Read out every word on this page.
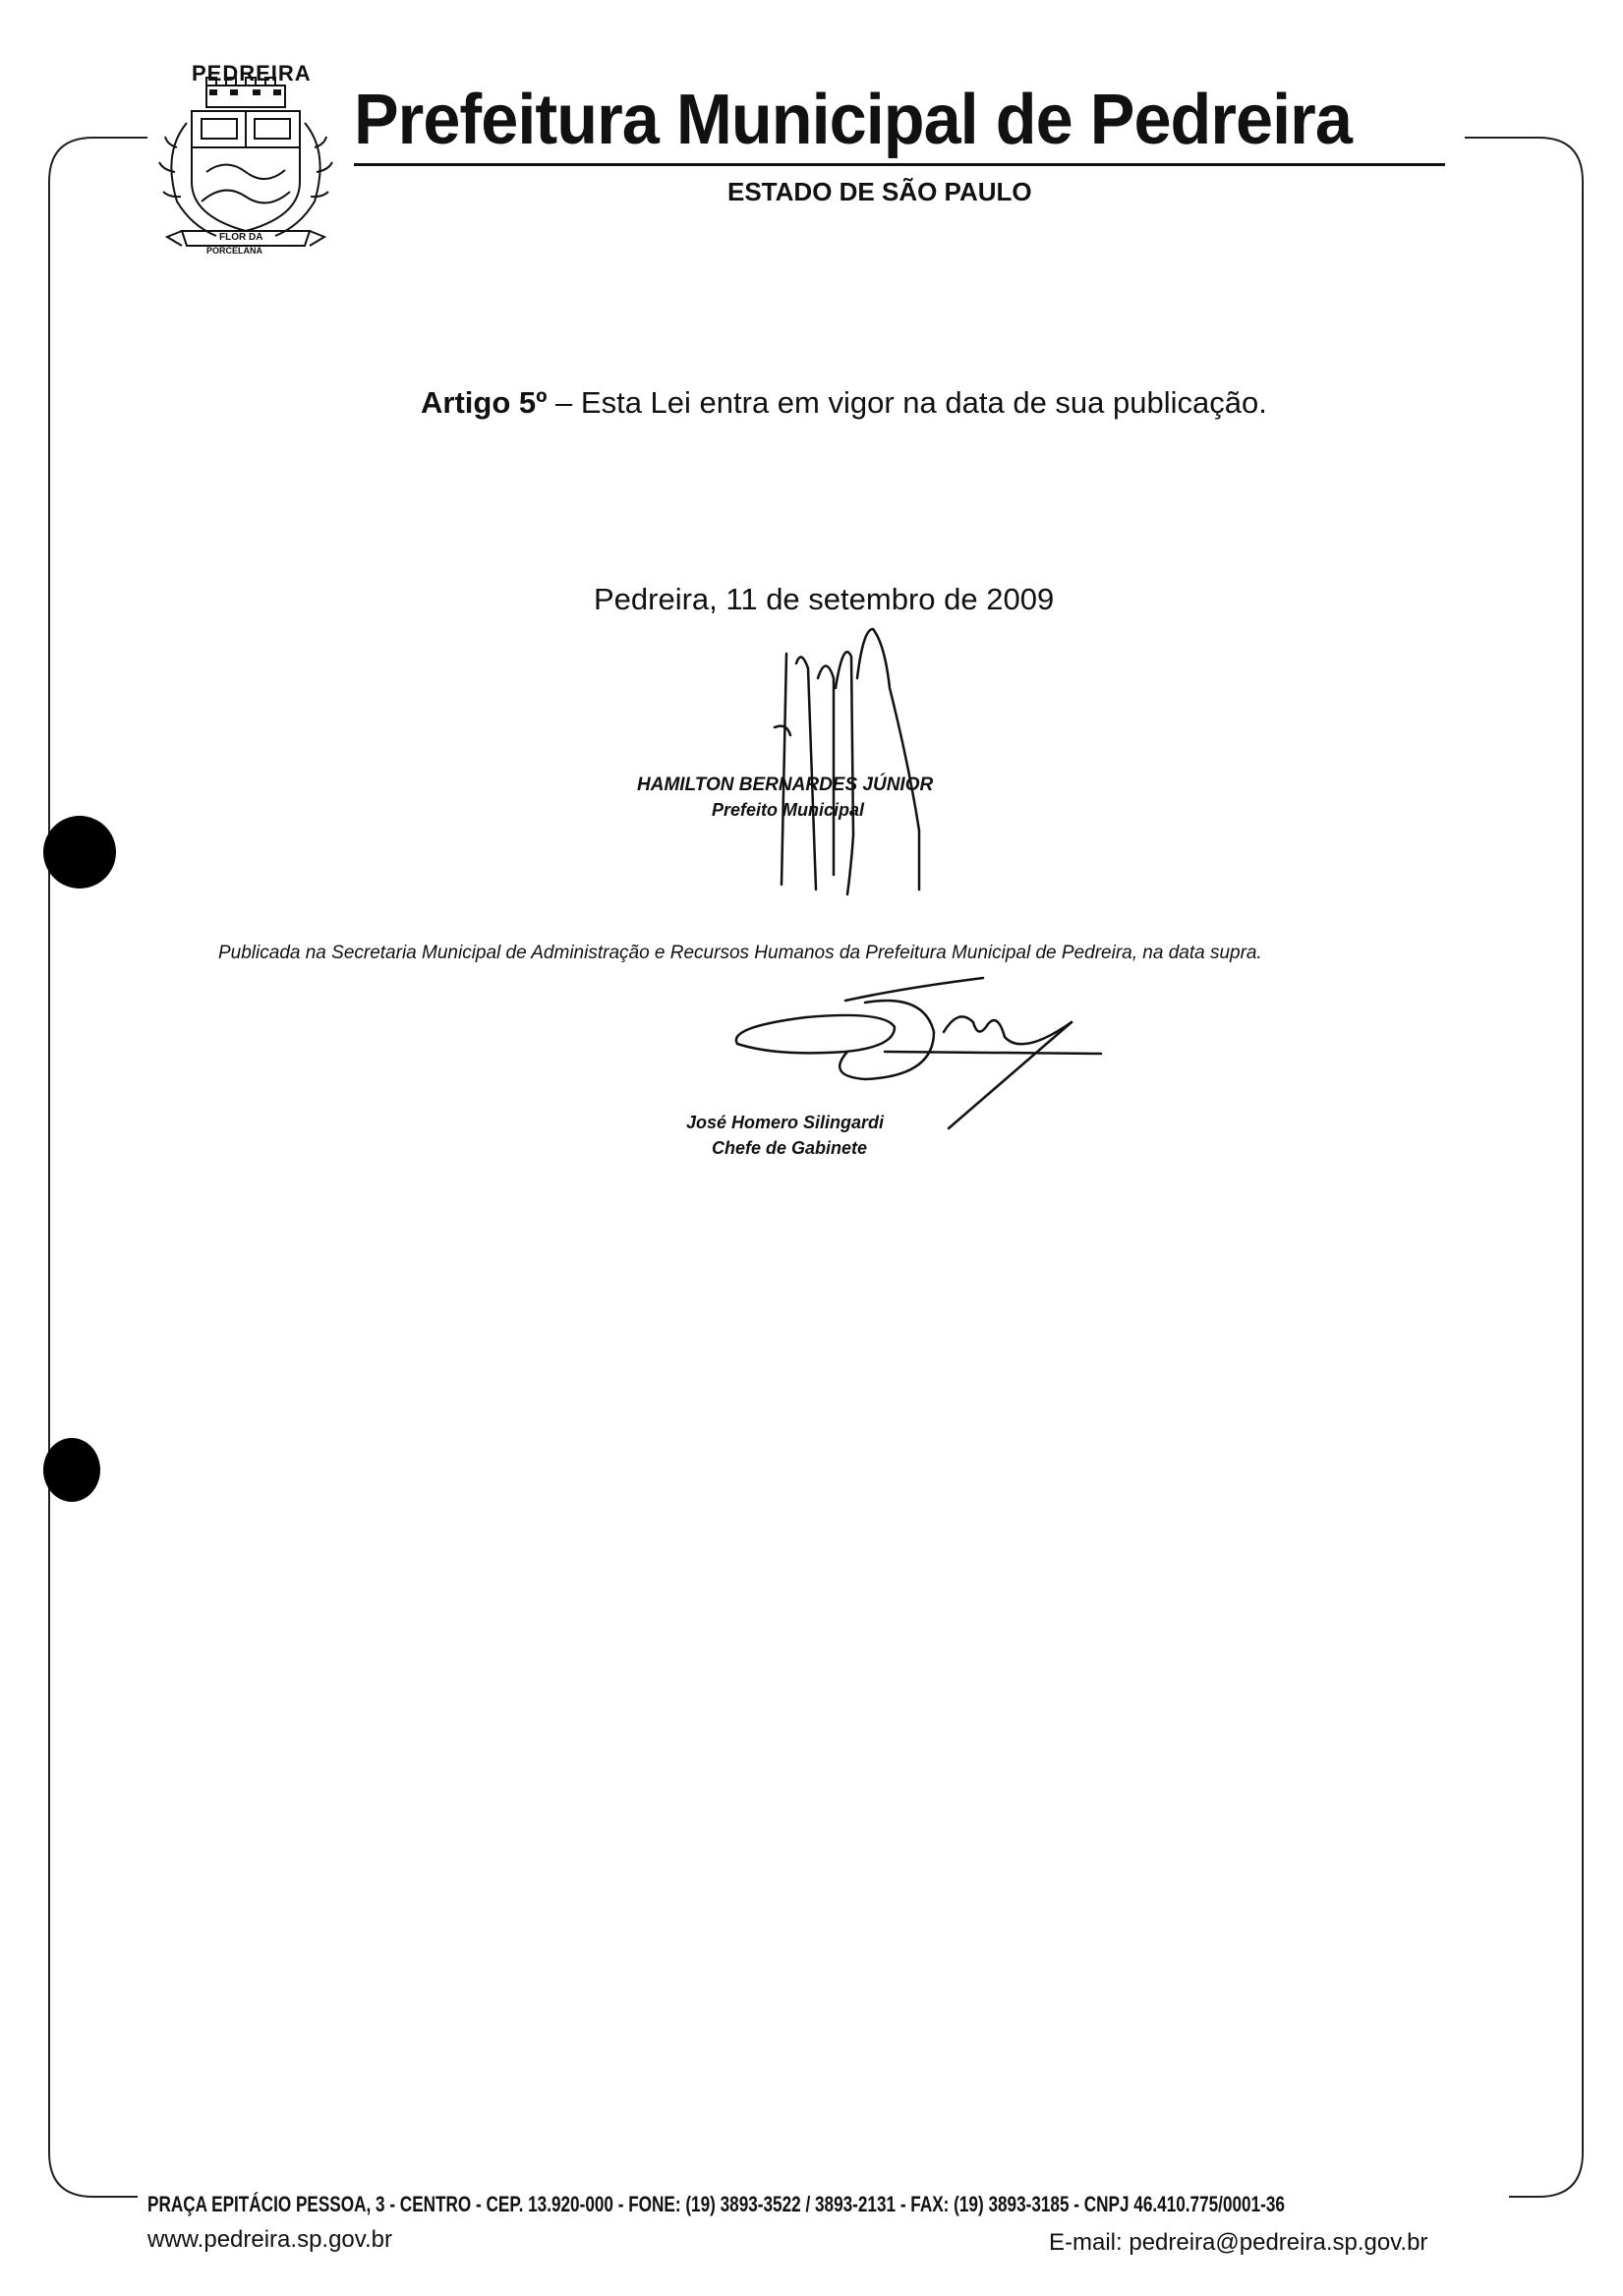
PEDREIRA
FLOR DA
PORCELANA
Prefeitura Municipal de Pedreira
ESTADO DE SÃO PAULO
Artigo 5º – Esta Lei entra em vigor na data de sua publicação.
Pedreira, 11 de setembro de 2009
HAMILTON BERNARDES JÚNIOR
Prefeito Municipal
Publicada na Secretaria Municipal de Administração e Recursos Humanos da Prefeitura Municipal de Pedreira, na data supra.
José Homero Silingardi
Chefe de Gabinete
PRAÇA EPITÁCIO PESSOA, 3 - CENTRO - CEP. 13.920-000 - FONE: (19) 3893-3522 / 3893-2131 - FAX: (19) 3893-3185 - CNPJ 46.410.775/0001-36
www.pedreira.sp.gov.br	E-mail: pedreira@pedreira.sp.gov.br
